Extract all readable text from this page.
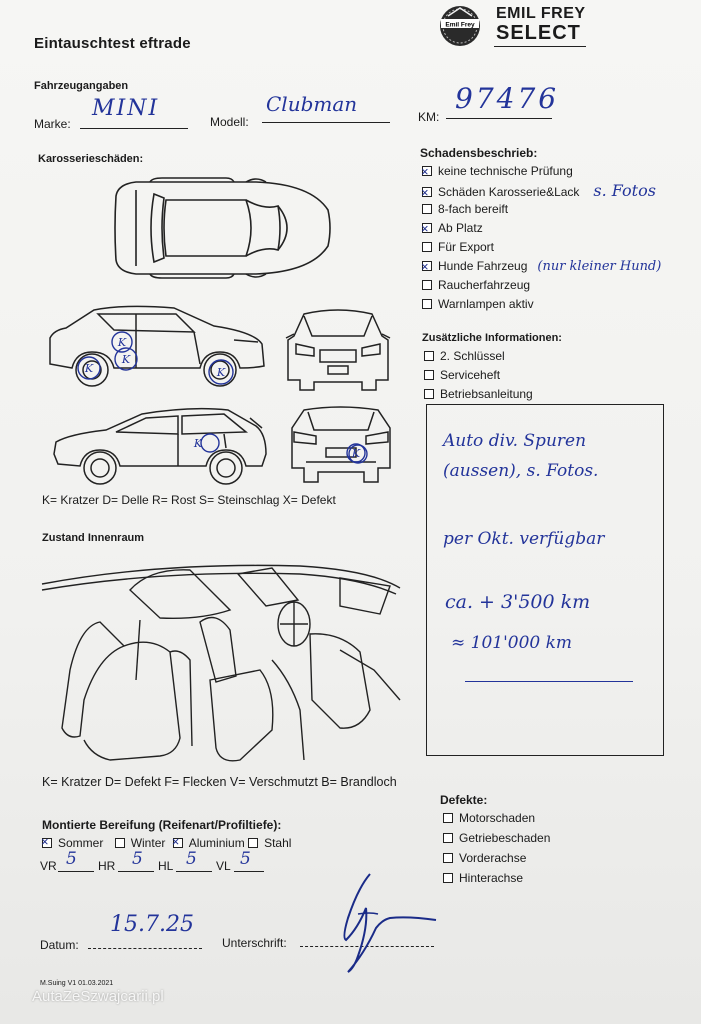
Eintauschtest eftrade
Emil Frey
EMIL FREY
SELECT
Fahrzeugangaben
Marke:
MINI
Modell:
Clubman
KM:
97476
Karosserieschäden:
K
K
K	K
K
K
K= Kratzer D= Delle R= Rost S= Steinschlag X= Defekt
Schadensbeschrieb:
×keine technische Prüfung
×Schäden Karosserie&Lack s. Fotos
8-fach bereift
×Ab Platz
Für Export
×Hunde Fahrzeug (nur kleiner Hund)
Raucherfahrzeug
Warnlampen aktiv
Zusätzliche Informationen:
2. Schlüssel
Serviceheft
Betriebsanleitung
Auto div. Spuren
(aussen), s. Fotos.
per Okt. verfügbar
ca. + 3'500 km
≈ 101'000 km
Zustand Innenraum
K= Kratzer D= Defekt F= Flecken V= Verschmutzt B= Brandloch
Montierte Bereifung (Reifenart/Profiltiefe):
×Sommer Winter × Aluminium Stahl
VR 5 HR 5 HL 5 VL 5
Defekte:
Motorschaden
Getriebeschaden
Vorderachse
Hinterachse
Datum:
15.7.25
Unterschrift:
M.Suing V1 01.03.2021
AutaZeSzwajcarii.pl
